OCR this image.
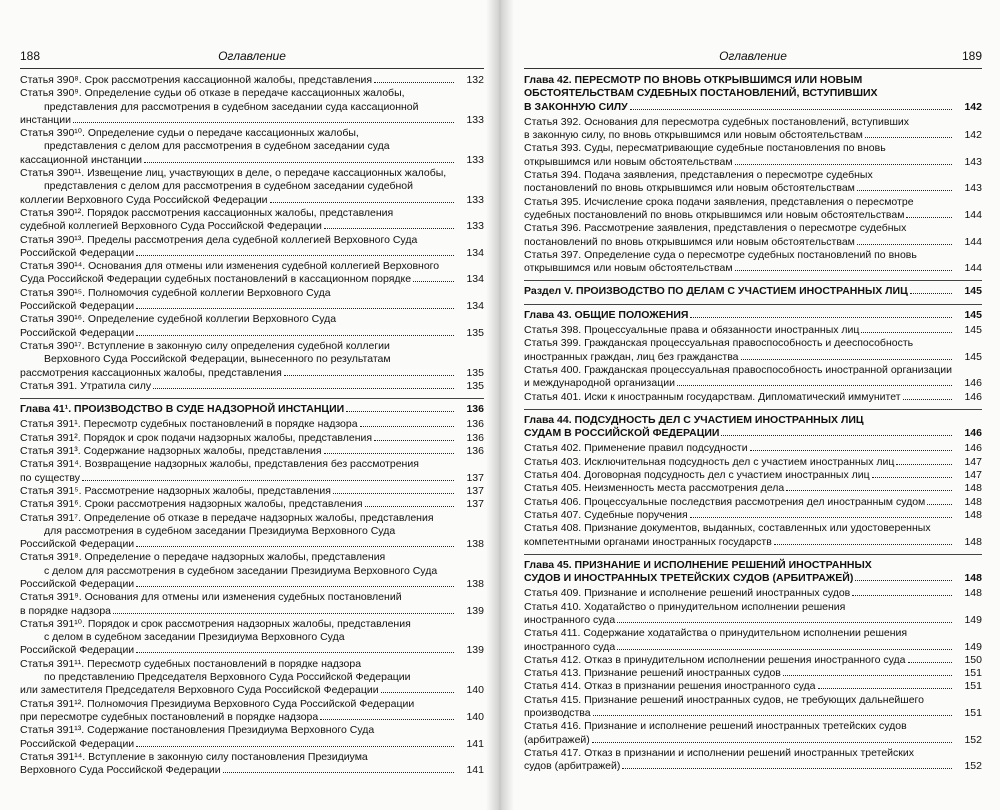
188	Оглавление
Статья 390⁸. Срок рассмотрения кассационной жалобы, представления	132
Статья 390⁹. Определение судьи об отказе в передаче кассационных жалобы,
представления для рассмотрения в судебном заседании суда кассационной
инстанции	133
Статья 390¹⁰. Определение судьи о передаче кассационных жалобы,
представления с делом для рассмотрения в судебном заседании суда
кассационной инстанции	133
Статья 390¹¹. Извещение лиц, участвующих в деле, о передаче кассационных жалобы,
представления с делом для рассмотрения в судебном заседании судебной
коллегии Верховного Суда Российской Федерации	133
Статья 390¹². Порядок рассмотрения кассационных жалобы, представления
судебной коллегией Верховного Суда Российской Федерации	133
Статья 390¹³. Пределы рассмотрения дела судебной коллегией Верховного Суда
Российской Федерации	134
Статья 390¹⁴. Основания для отмены или изменения судебной коллегией Верховного
Суда Российской Федерации судебных постановлений в кассационном порядке	134
Статья 390¹⁵. Полномочия судебной коллегии Верховного Суда
Российской Федерации	134
Статья 390¹⁶. Определение судебной коллегии Верховного Суда
Российской Федерации	135
Статья 390¹⁷. Вступление в законную силу определения судебной коллегии
Верховного Суда Российской Федерации, вынесенного по результатам
рассмотрения кассационных жалобы, представления	135
Статья 391. Утратила силу	135
Глава 41¹. ПРОИЗВОДСТВО В СУДЕ НАДЗОРНОЙ ИНСТАНЦИИ	136
Статья 391¹. Пересмотр судебных постановлений в порядке надзора	136
Статья 391². Порядок и срок подачи надзорных жалобы, представления	136
Статья 391³. Содержание надзорных жалобы, представления	136
Статья 391⁴. Возвращение надзорных жалобы, представления без рассмотрения
по существу	137
Статья 391⁵. Рассмотрение надзорных жалобы, представления	137
Статья 391⁶. Сроки рассмотрения надзорных жалобы, представления	137
Статья 391⁷. Определение об отказе в передаче надзорных жалобы, представления
для рассмотрения в судебном заседании Президиума Верховного Суда
Российской Федерации	138
Статья 391⁸. Определение о передаче надзорных жалобы, представления
с делом для рассмотрения в судебном заседании Президиума Верховного Суда
Российской Федерации	138
Статья 391⁹. Основания для отмены или изменения судебных постановлений
в порядке надзора	139
Статья 391¹⁰. Порядок и срок рассмотрения надзорных жалобы, представления
с делом в судебном заседании Президиума Верховного Суда
Российской Федерации	139
Статья 391¹¹. Пересмотр судебных постановлений в порядке надзора
по представлению Председателя Верховного Суда Российской Федерации
или заместителя Председателя Верховного Суда Российской Федерации	140
Статья 391¹². Полномочия Президиума Верховного Суда Российской Федерации
при пересмотре судебных постановлений в порядке надзора	140
Статья 391¹³. Содержание постановления Президиума Верховного Суда
Российской Федерации	141
Статья 391¹⁴. Вступление в законную силу постановления Президиума
Верховного Суда Российской Федерации	141
Оглавление	189
Глава 42. ПЕРЕСМОТР ПО ВНОВЬ ОТКРЫВШИМСЯ ИЛИ НОВЫМ
ОБСТОЯТЕЛЬСТВАМ СУДЕБНЫХ ПОСТАНОВЛЕНИЙ, ВСТУПИВШИХ
В ЗАКОННУЮ СИЛУ	142
Статья 392. Основания для пересмотра судебных постановлений, вступивших
в законную силу, по вновь открывшимся или новым обстоятельствам	142
Статья 393. Суды, пересматривающие судебные постановления по вновь
открывшимся или новым обстоятельствам	143
Статья 394. Подача заявления, представления о пересмотре судебных
постановлений по вновь открывшимся или новым обстоятельствам	143
Статья 395. Исчисление срока подачи заявления, представления о пересмотре
судебных постановлений по вновь открывшимся или новым обстоятельствам	144
Статья 396. Рассмотрение заявления, представления о пересмотре судебных
постановлений по вновь открывшимся или новым обстоятельствам	144
Статья 397. Определение суда о пересмотре судебных постановлений по вновь
открывшимся или новым обстоятельствам	144
Раздел V. ПРОИЗВОДСТВО ПО ДЕЛАМ С УЧАСТИЕМ ИНОСТРАННЫХ ЛИЦ	145
Глава 43. ОБЩИЕ ПОЛОЖЕНИЯ	145
Статья 398. Процессуальные права и обязанности иностранных лиц	145
Статья 399. Гражданская процессуальная правоспособность и дееспособность
иностранных граждан, лиц без гражданства	145
Статья 400. Гражданская процессуальная правоспособность иностранной организации
и международной организации	146
Статья 401. Иски к иностранным государствам. Дипломатический иммунитет	146
Глава 44. ПОДСУДНОСТЬ ДЕЛ С УЧАСТИЕМ ИНОСТРАННЫХ ЛИЦ
СУДАМ В РОССИЙСКОЙ ФЕДЕРАЦИИ	146
Статья 402. Применение правил подсудности	146
Статья 403. Исключительная подсудность дел с участием иностранных лиц	147
Статья 404. Договорная подсудность дел с участием иностранных лиц	147
Статья 405. Неизменность места рассмотрения дела	148
Статья 406. Процессуальные последствия рассмотрения дел иностранным судом	148
Статья 407. Судебные поручения	148
Статья 408. Признание документов, выданных, составленных или удостоверенных
компетентными органами иностранных государств	148
Глава 45. ПРИЗНАНИЕ И ИСПОЛНЕНИЕ РЕШЕНИЙ ИНОСТРАННЫХ
СУДОВ И ИНОСТРАННЫХ ТРЕТЕЙСКИХ СУДОВ (АРБИТРАЖЕЙ)	148
Статья 409. Признание и исполнение решений иностранных судов	148
Статья 410. Ходатайство о принудительном исполнении решения
иностранного суда	149
Статья 411. Содержание ходатайства о принудительном исполнении решения
иностранного суда	149
Статья 412. Отказ в принудительном исполнении решения иностранного суда	150
Статья 413. Признание решений иностранных судов	151
Статья 414. Отказ в признании решения иностранного суда	151
Статья 415. Признание решений иностранных судов, не требующих дальнейшего
производства	151
Статья 416. Признание и исполнение решений иностранных третейских судов
(арбитражей)	152
Статья 417. Отказ в признании и исполнении решений иностранных третейских
судов (арбитражей)	152
